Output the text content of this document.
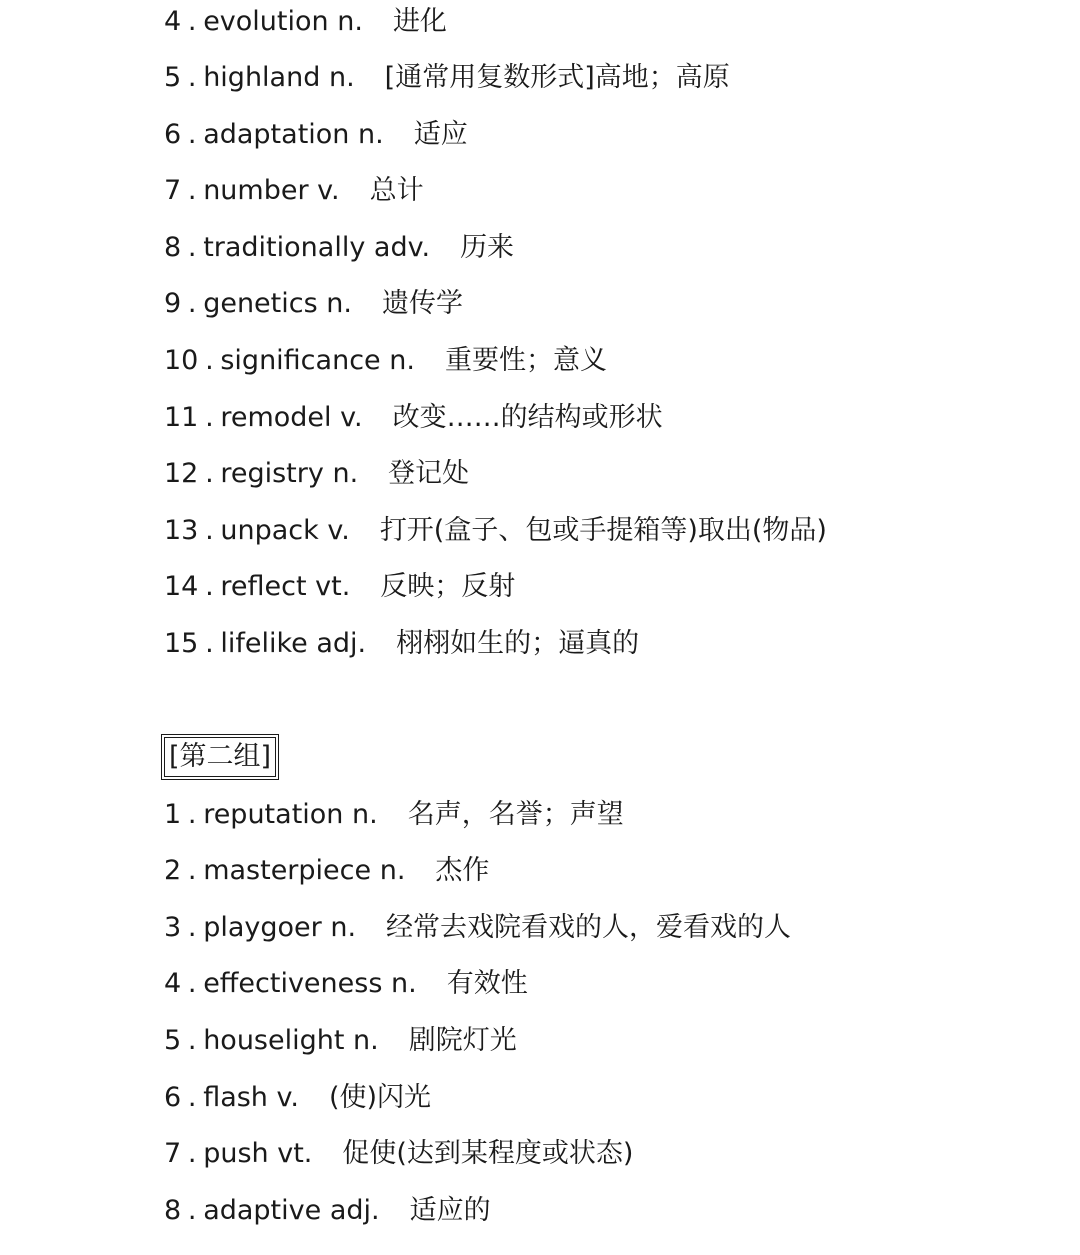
4 . evolution n. 进化
5 . highland n. [通常用复数形式]高地；高原
6 . adaptation n. 适应
7 . number v. 总计
8 . traditionally adv. 历来
9 . genetics n. 遗传学
10 . significance n. 重要性；意义
11 . remodel v. 改变……的结构或形状
12 . registry n. 登记处
13 . unpack v. 打开(盒子、包或手提箱等)取出(物品)
14 . reflect vt. 反映；反射
15 . lifelike adj. 栩栩如生的；逼真的
[第二组]
1 . reputation n. 名声，名誉；声望
2 . masterpiece n. 杰作
3 . playgoer n. 经常去戏院看戏的人，爱看戏的人
4 . effectiveness n. 有效性
5 . houselight n. 剧院灯光
6 . flash v. (使)闪光
7 . push vt. 促使(达到某程度或状态)
8 . adaptive adj. 适应的
